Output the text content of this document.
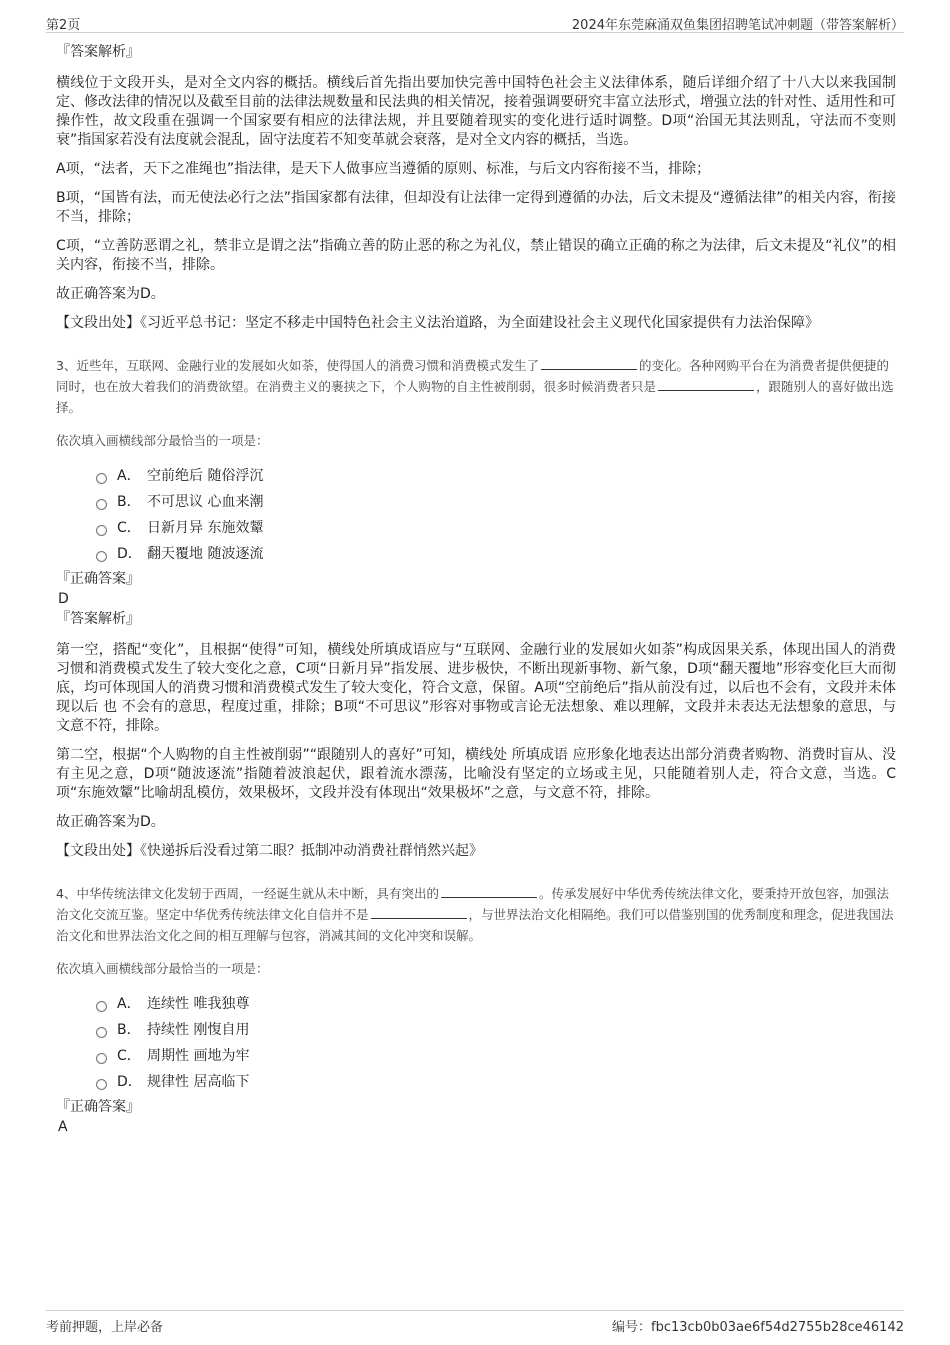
第2页	2024年东莞麻涌双鱼集团招聘笔试冲刺题（带答案解析）

『答案解析』

横线位于文段开头，是对全文内容的概括。横线后首先指出要加快完善中国特色社会主义法律体系，随后详细介绍了十八大以来我国制定、修改法律的情况以及截至目前的法律法规数量和民法典的相关情况，接着强调要研究丰富立法形式，增强立法的针对性、适用性和可操作性，故文段重在强调一个国家要有相应的法律法规，并且要随着现实的变化进行适时调整。D项“治国无其法则乱，守法而不变则衰”指国家若没有法度就会混乱，固守法度若不知变革就会衰落，是对全文内容的概括，当选。

A项，“法者，天下之准绳也”指法律，是天下人做事应当遵循的原则、标准，与后文内容衔接不当，排除；

B项，“国皆有法，而无使法必行之法”指国家都有法律，但却没有让法律一定得到遵循的办法，后文未提及“遵循法律”的相关内容，衔接不当，排除；

C项，“立善防恶谓之礼，禁非立是谓之法”指确立善的防止恶的称之为礼仪，禁止错误的确立正确的称之为法律，后文未提及“礼仪”的相关内容，衔接不当，排除。

故正确答案为D。

【文段出处】《习近平总书记：坚定不移走中国特色社会主义法治道路，为全面建设社会主义现代化国家提供有力法治保障》

3、近些年，互联网、金融行业的发展如火如荼，使得国人的消费习惯和消费模式发生了	的变化。各种网购平台在为消费者提供便捷的同时，也在放大着我们的消费欲望。在消费主义的裹挟之下，个人购物的自主性被削弱，很多时候消费者只是	，跟随别人的喜好做出选择。

依次填入画横线部分最恰当的一项是：

A． 空前绝后 随俗浮沉
B． 不可思议 心血来潮
C． 日新月异 东施效颦
D． 翻天覆地 随波逐流

『正确答案』

D

『答案解析』

第一空，搭配“变化”，且根据“使得”可知，横线处所填成语应与“互联网、金融行业的发展如火如荼”构成因果关系，体现出国人的消费习惯和消费模式发生了较大变化之意，C项“日新月异”指发展、进步极快，不断出现新事物、新气象，D项“翻天覆地”形容变化巨大而彻底，均可体现国人的消费习惯和消费模式发生了较大变化，符合文意，保留。A项“空前绝后”指从前没有过，以后也不会有，文段并未体现以后 也 不会有的意思，程度过重，排除；B项“不可思议”形容对事物或言论无法想象、难以理解，文段并未表达无法想象的意思，与文意不符，排除。

第二空，根据“个人购物的自主性被削弱”“跟随别人的喜好”可知，横线处 所填成语 应形象化地表达出部分消费者购物、消费时盲从、没有主见之意，D项“随波逐流”指随着波浪起伏，跟着流水漂荡，比喻没有坚定的立场或主见，只能随着别人走，符合文意，当选。C项“东施效颦”比喻胡乱模仿，效果极坏，文段并没有体现出“效果极坏”之意，与文意不符，排除。

故正确答案为D。

【文段出处】《快递拆后没看过第二眼？抵制冲动消费社群悄然兴起》

4、中华传统法律文化发轫于西周，一经诞生就从未中断，具有突出的	。传承发展好中华优秀传统法律文化，要秉持开放包容，加强法治文化交流互鉴。坚定中华优秀传统法律文化自信并不是	，与世界法治文化相隔绝。我们可以借鉴别国的优秀制度和理念，促进我国法治文化和世界法治文化之间的相互理解与包容，消减其间的文化冲突和误解。

依次填入画横线部分最恰当的一项是：

A． 连续性 唯我独尊
B． 持续性 刚愎自用
C． 周期性 画地为牢
D． 规律性 居高临下

『正确答案』

A

考前押题，上岸必备	编号：fbc13cb0b03ae6f54d2755b28ce46142
